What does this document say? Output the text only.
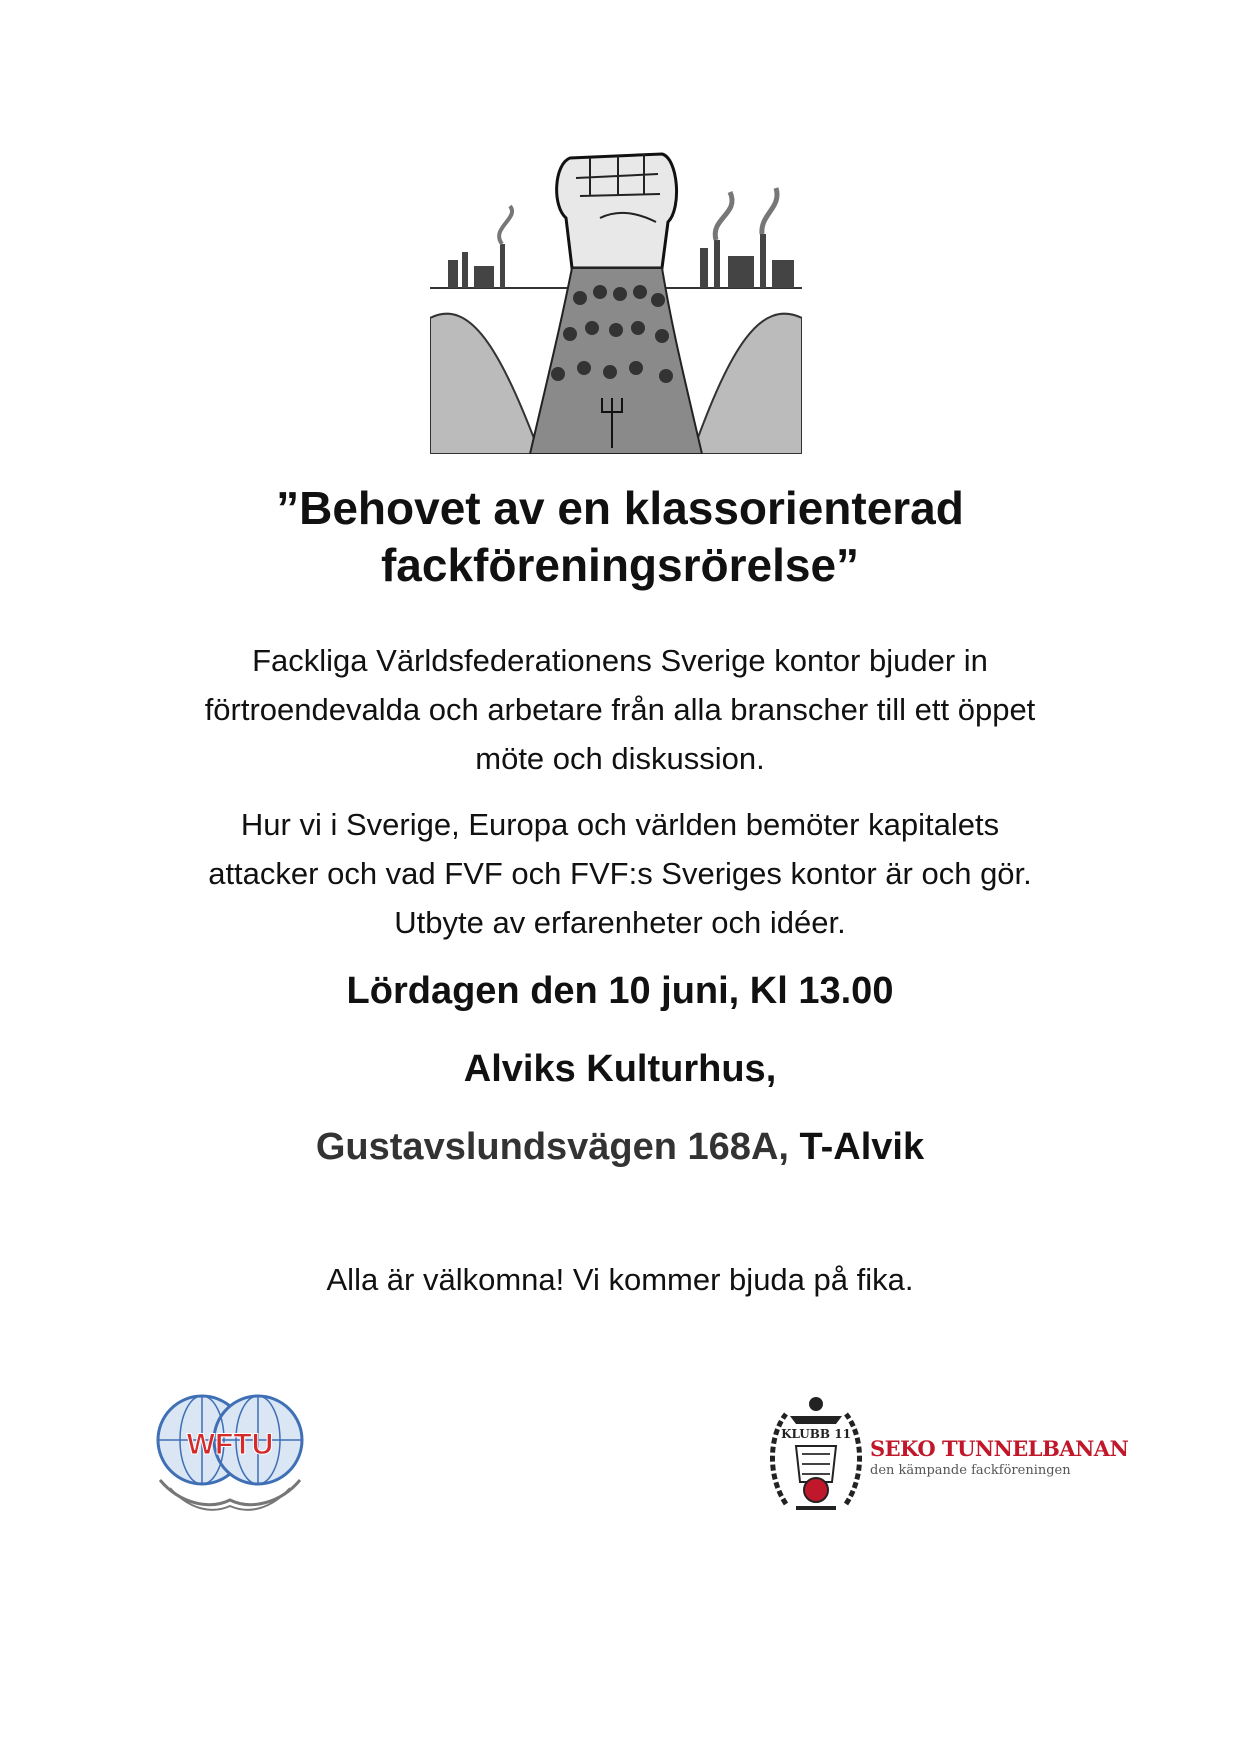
”Behovet av en klassorienterad
fackföreningsrörelse”
Fackliga Världsfederationens Sverige kontor bjuder in
förtroendevalda och arbetare från alla branscher till ett öppet
möte och diskussion.
Hur vi i Sverige, Europa och världen bemöter kapitalets
attacker och vad FVF och FVF:s Sveriges kontor är och gör.
Utbyte av erfarenheter och idéer.
Lördagen den 10 juni, Kl 13.00
Alviks Kulturhus,
Gustavslundsvägen 168A, T-Alvik
Alla är välkomna! Vi kommer bjuda på fika.
WFTU	KLUBB 11
SEKO TUNNELBANAN
den kämpande fackföreningen
